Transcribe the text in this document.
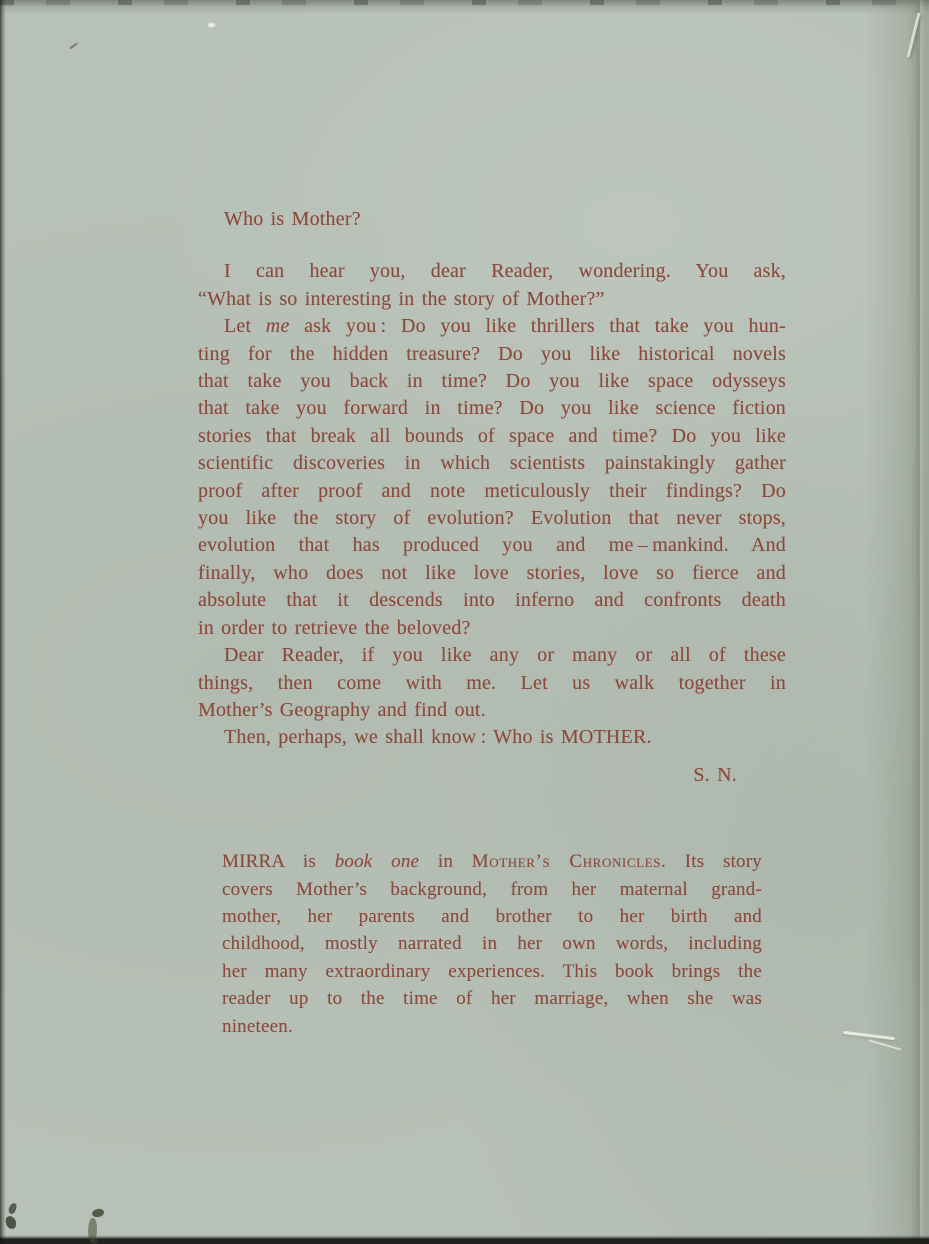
Who is Mother?
I can hear you, dear Reader, wondering. You ask,
“What is so interesting in the story of Mother?”
Let me ask you : Do you like thrillers that take you hun-
ting for the hidden treasure? Do you like historical novels
that take you back in time? Do you like space odysseys
that take you forward in time? Do you like science fiction
stories that break all bounds of space and time? Do you like
scientific discoveries in which scientists painstakingly gather
proof after proof and note meticulously their findings? Do
you like the story of evolution? Evolution that never stops,
evolution that has produced you and me – mankind. And
finally, who does not like love stories, love so fierce and
absolute that it descends into inferno and confronts death
in order to retrieve the beloved?
Dear Reader, if you like any or many or all of these
things, then come with me. Let us walk together in
Mother’s Geography and find out.
Then, perhaps, we shall know : Who is MOTHER.
S. N.
MIRRA is book one in Mother’s Chronicles. Its story
covers Mother’s background, from her maternal grand-
mother, her parents and brother to her birth and
childhood, mostly narrated in her own words, including
her many extraordinary experiences. This book brings the
reader up to the time of her marriage, when she was
nineteen.
